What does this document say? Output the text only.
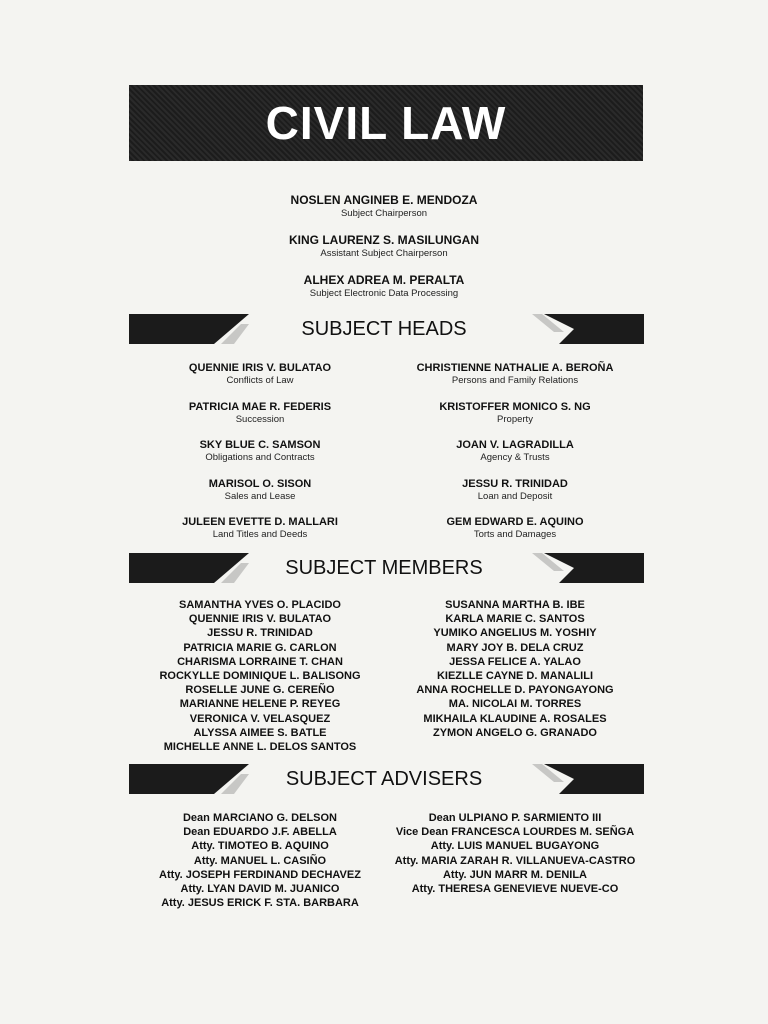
CIVIL LAW
NOSLEN ANGINEB E. MENDOZA
Subject Chairperson
KING LAURENZ S. MASILUNGAN
Assistant Subject Chairperson
ALHEX ADREA M. PERALTA
Subject Electronic Data Processing
SUBJECT HEADS
QUENNIE IRIS V. BULATAO
Conflicts of Law
PATRICIA MAE R. FEDERIS
Succession
SKY BLUE C. SAMSON
Obligations and Contracts
MARISOL O. SISON
Sales and Lease
JULEEN EVETTE D. MALLARI
Land Titles and Deeds
CHRISTIENNE NATHALIE A. BEROÑA
Persons and Family Relations
KRISTOFFER MONICO S. NG
Property
JOAN V. LAGRADILLA
Agency & Trusts
JESSU R. TRINIDAD
Loan and Deposit
GEM EDWARD E. AQUINO
Torts and Damages
SUBJECT MEMBERS
SAMANTHA YVES O. PLACIDO
QUENNIE IRIS V. BULATAO
JESSU R. TRINIDAD
PATRICIA MARIE G. CARLON
CHARISMA LORRAINE T. CHAN
ROCKYLLE DOMINIQUE L. BALISONG
ROSELLE JUNE G. CEREÑO
MARIANNE HELENE P. REYEG
VERONICA V. VELASQUEZ
ALYSSA AIMEE S. BATLE
MICHELLE ANNE L. DELOS SANTOS
SUSANNA MARTHA B. IBE
KARLA MARIE C. SANTOS
YUMIKO ANGELIUS M. YOSHIY
MARY JOY B. DELA CRUZ
JESSA FELICE A. YALAO
KIEZLLE CAYNE D. MANALILI
ANNA ROCHELLE D. PAYONGAYONG
MA. NICOLAI M. TORRES
MIKHAILA KLAUDINE A. ROSALES
ZYMON ANGELO G. GRANADO
SUBJECT ADVISERS
Dean MARCIANO G. DELSON
Dean EDUARDO J.F. ABELLA
Atty. TIMOTEO B. AQUINO
Atty. MANUEL L. CASIÑO
Atty. JOSEPH FERDINAND DECHAVEZ
Atty. LYAN DAVID M. JUANICO
Atty. JESUS ERICK F. STA. BARBARA
Dean ULPIANO P. SARMIENTO III
Vice Dean FRANCESCA LOURDES M. SEÑGA
Atty. LUIS MANUEL BUGAYONG
Atty. MARIA ZARAH R. VILLANUEVA-CASTRO
Atty. JUN MARR M. DENILA
Atty. THERESA GENEVIEVE NUEVE-CO
